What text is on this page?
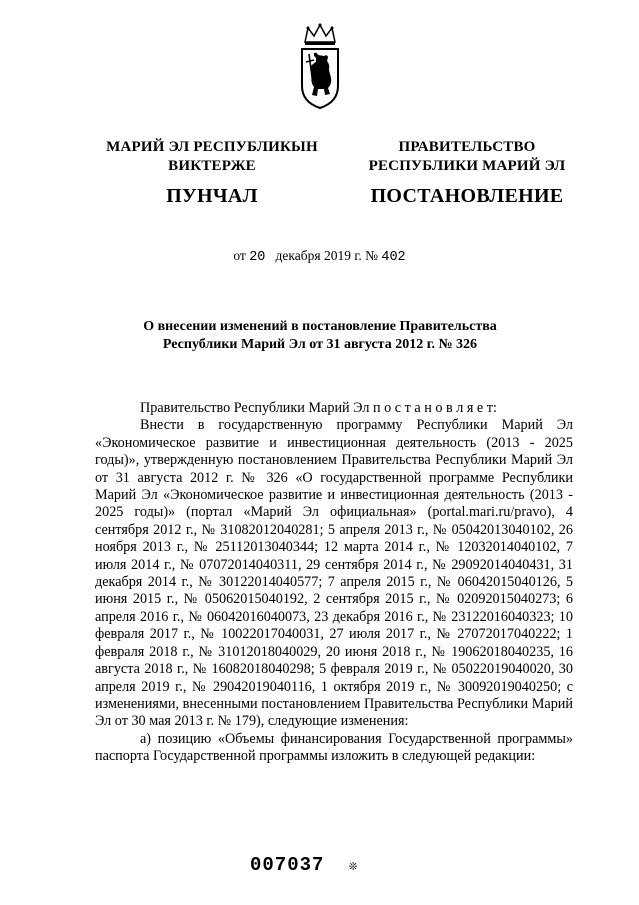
МАРИЙ ЭЛ РЕСПУБЛИКЫН
ВИКТЕРЖЕ
ПУНЧАЛ
ПРАВИТЕЛЬСТВО
РЕСПУБЛИКИ МАРИЙ ЭЛ
ПОСТАНОВЛЕНИЕ
от 20 декабря 2019 г. № 402
О внесении изменений в постановление Правительства
Республики Марий Эл от 31 августа 2012 г. № 326

Правительство Республики Марий Эл п о с т а н о в л я е т:

Внести в государственную программу Республики Марий Эл «Экономическое развитие и инвестиционная деятельность (2013 - 2025 годы)», утвержденную постановлением Правительства Республики Марий Эл от 31 августа 2012 г. № 326 «О государственной программе Республики Марий Эл «Экономическое развитие и инвестиционная деятельность (2013 - 2025 годы)» (портал «Марий Эл официальная» (portal.mari.ru/pravo), 4 сентября 2012 г., № 31082012040281; 5 апреля 2013 г., № 05042013040102, 26 ноября 2013 г., № 25112013040344; 12 марта 2014 г., № 12032014040102, 7 июля 2014 г., № 07072014040311, 29 сентября 2014 г., № 29092014040431, 31 декабря 2014 г., № 30122014040577; 7 апреля 2015 г., № 06042015040126, 5 июня 2015 г., № 05062015040192, 2 сентября 2015 г., № 02092015040273; 6 апреля 2016 г., № 06042016040073, 23 декабря 2016 г., № 23122016040323; 10 февраля 2017 г., № 10022017040031, 27 июля 2017 г., № 27072017040222; 1 февраля 2018 г., № 31012018040029, 20 июня 2018 г., № 19062018040235, 16 августа 2018 г., № 16082018040298; 5 февраля 2019 г., № 05022019040020, 30 апреля 2019 г., № 29042019040116, 1 октября 2019 г., № 30092019040250; с изменениями, внесенными постановлением Правительства Республики Марий Эл от 30 мая 2013 г. № 179), следующие изменения:

а) позицию «Объемы финансирования Государственной программы» паспорта Государственной программы изложить в следующей редакции:

007037 ❊
